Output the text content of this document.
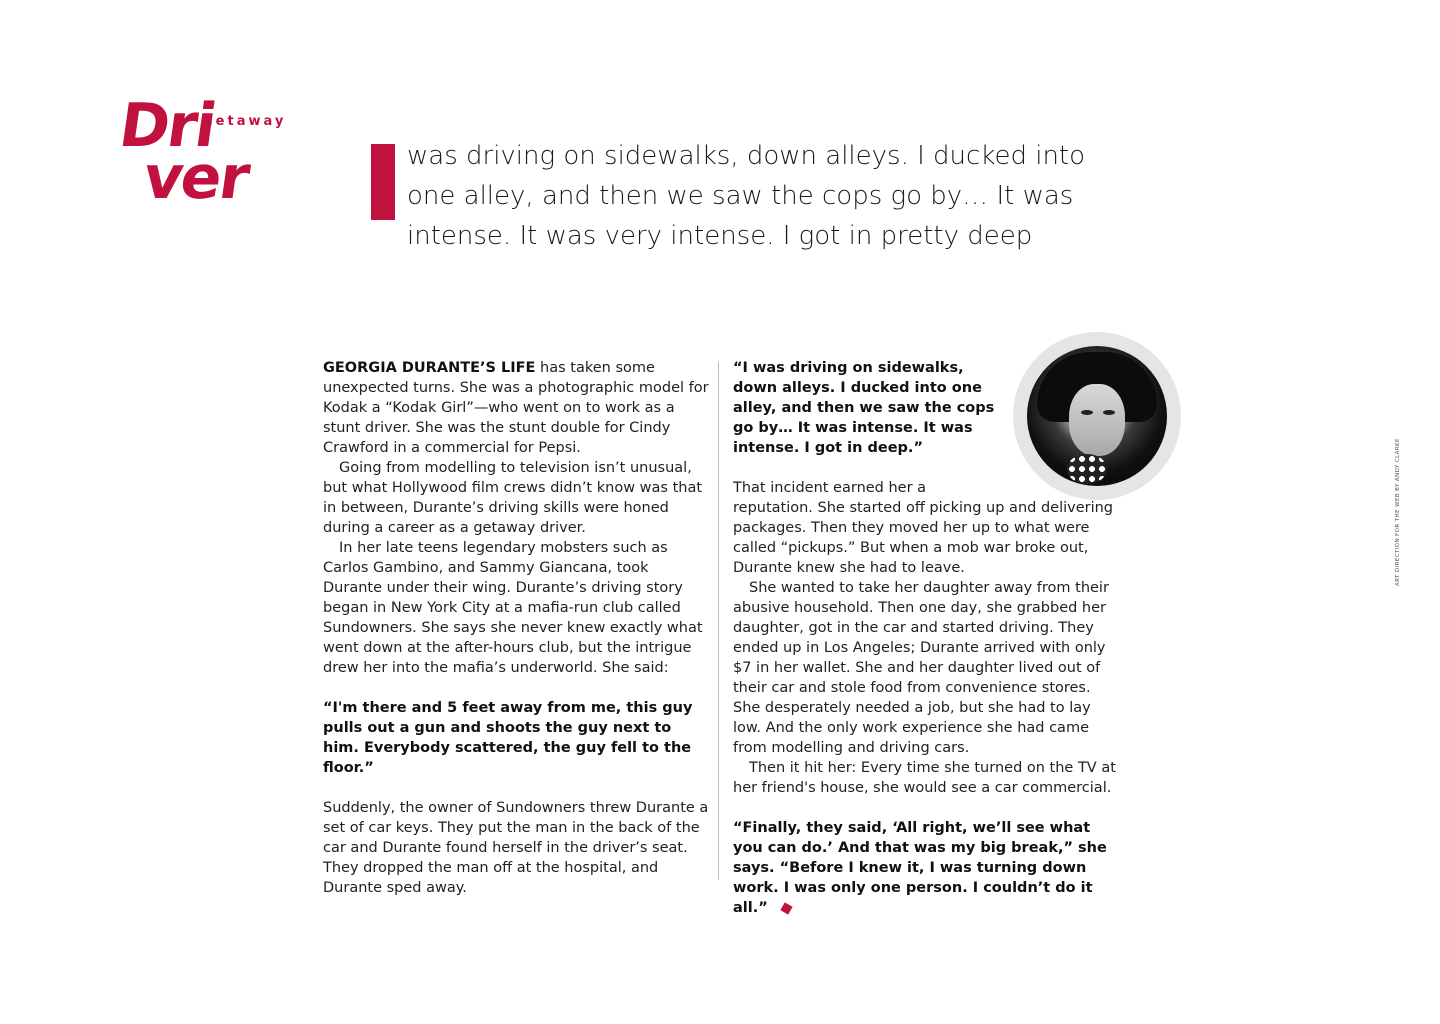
Dri
ver
Getaway
was driving on sidewalks, down alleys. I ducked into one alley, and then we saw the cops go by… It was intense. It was very intense. I got in pretty deep

GEORGIA DURANTE’S LIFE has taken some unexpected turns. She was a photographic model for Kodak a “Kodak Girl”—who went on to work as a stunt driver. She was the stunt double for Cindy Crawford in a commercial for Pepsi.

Going from modelling to television isn’t unusual, but what Hollywood film crews didn’t know was that in between, Durante’s driving skills were honed during a career as a getaway driver.

In her late teens legendary mobsters such as Carlos Gambino, and Sammy Giancana, took Durante under their wing. Durante’s driving story began in New York City at a mafia-run club called Sundowners. She says she never knew exactly what went down at the after-hours club, but the intrigue drew her into the mafia’s underworld. She said:

“I'm there and 5 feet away from me, this guy pulls out a gun and shoots the guy next to him. Everybody scattered, the guy fell to the floor.”

Suddenly, the owner of Sundowners threw Durante a set of car keys. They put the man in the back of the car and Durante found herself in the driver’s seat. They dropped the man off at the hospital, and Durante sped away.

“I was driving on sidewalks, down alleys. I ducked into one alley, and then we saw the cops go by… It was intense. It was intense. I got in deep.”

That incident earned her a reputation. She started off picking up and delivering packages. Then they moved her up to what were called “pickups.” But when a mob war broke out, Durante knew she had to leave.

She wanted to take her daughter away from their abusive household. Then one day, she grabbed her daughter, got in the car and started driving. They ended up in Los Angeles; Durante arrived with only $7 in her wallet. She and her daughter lived out of their car and stole food from convenience stores. She desperately needed a job, but she had to lay low. And the only work experience she had came from modelling and driving cars.

Then it hit her: Every time she turned on the TV at her friend's house, she would see a car commercial.

“Finally, they said, ‘All right, we’ll see what you can do.’ And that was my big break,” she says. “Before I knew it, I was turning down work. I was only one person. I couldn’t do it all.”

ART DIRECTION FOR THE WEB BY ANDY CLARKE
